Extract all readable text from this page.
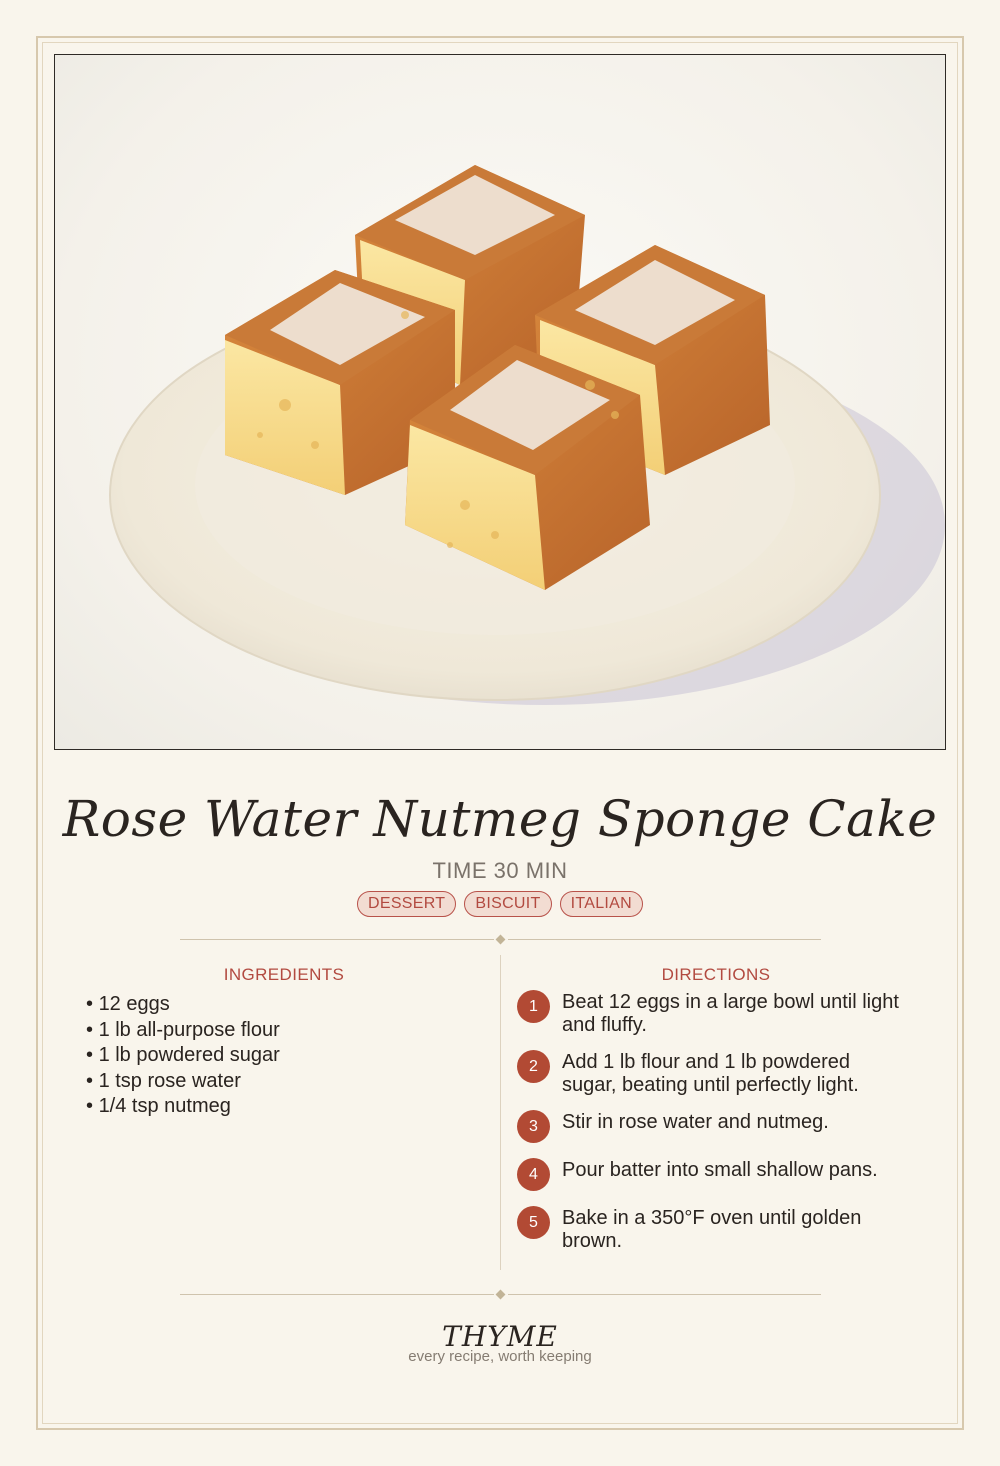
Rose Water Nutmeg Sponge Cake
TIME 30 MIN
DESSERT	BISCUIT	ITALIAN
INGREDIENTS
• 12 eggs
• 1 lb all-purpose flour
• 1 lb powdered sugar
• 1 tsp rose water
• 1/4 tsp nutmeg
DIRECTIONS
1	Beat 12 eggs in a large bowl until light and fluffy.
2	Add 1 lb flour and 1 lb powdered sugar, beating until perfectly light.
3	Stir in rose water and nutmeg.
4	Pour batter into small shallow pans.
5	Bake in a 350°F oven until golden brown.
THYME
every recipe, worth keeping
